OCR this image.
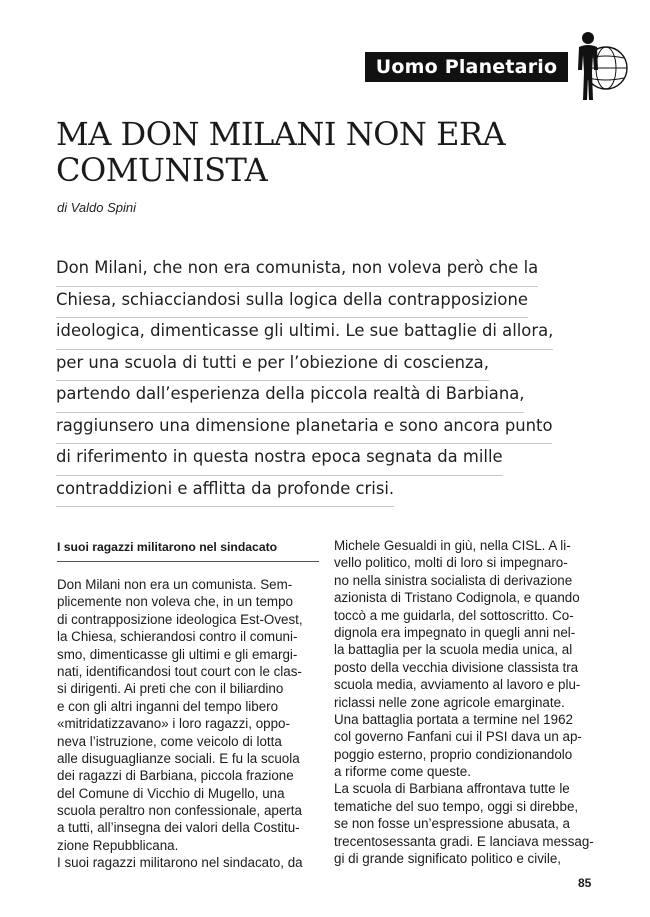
Uomo Planetario
MA DON MILANI NON ERA
COMUNISTA
di Valdo Spini
Don Milani, che non era comunista, non voleva però che la
Chiesa, schiacciandosi sulla logica della contrapposizione
ideologica, dimenticasse gli ultimi. Le sue battaglie di allora,
per una scuola di tutti e per l’obiezione di coscienza,
partendo dall’esperienza della piccola realtà di Barbiana,
raggiunsero una dimensione planetaria e sono ancora punto
di riferimento in questa nostra epoca segnata da mille
contraddizioni e afflitta da profonde crisi.
I suoi ragazzi militarono nel sindacato
Don Milani non era un comunista. Sem-
plicemente non voleva che, in un tempo
di contrapposizione ideologica Est-Ovest,
la Chiesa, schierandosi contro il comuni-
smo, dimenticasse gli ultimi e gli emargi-
nati, identificandosi tout court con le clas-
si dirigenti. Ai preti che con il biliardino
e con gli altri inganni del tempo libero
«mitridatizzavano» i loro ragazzi, oppo-
neva l’istruzione, come veicolo di lotta
alle disuguaglianze sociali. E fu la scuola
dei ragazzi di Barbiana, piccola frazione
del Comune di Vicchio di Mugello, una
scuola peraltro non confessionale, aperta
a tutti, all’insegna dei valori della Costitu-
zione Repubblicana.
I suoi ragazzi militarono nel sindacato, da
Michele Gesualdi in giù, nella CISL. A li-
vello politico, molti di loro si impegnaro-
no nella sinistra socialista di derivazione
azionista di Tristano Codignola, e quando
toccò a me guidarla, del sottoscritto. Co-
dignola era impegnato in quegli anni nel-
la battaglia per la scuola media unica, al
posto della vecchia divisione classista tra
scuola media, avviamento al lavoro e plu-
riclassi nelle zone agricole emarginate.
Una battaglia portata a termine nel 1962
col governo Fanfani cui il PSI dava un ap-
poggio esterno, proprio condizionandolo
a riforme come queste.
La scuola di Barbiana affrontava tutte le
tematiche del suo tempo, oggi si direbbe,
se non fosse un’espressione abusata, a
trecentosessanta gradi. E lanciava messag-
gi di grande significato politico e civile,
85
